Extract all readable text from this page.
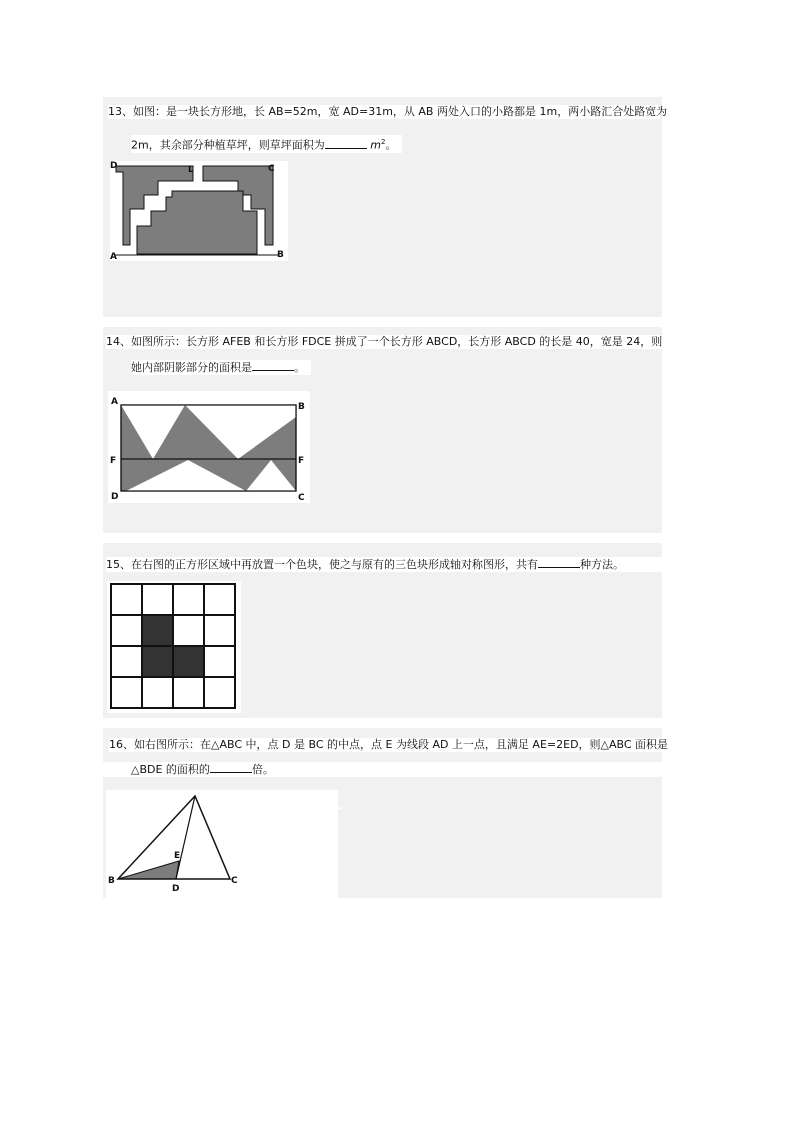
13、如图：是一块长方形地，长 AB=52m，宽 AD=31m，从 AB 两处入口的小路都是 1m，两小路汇合处路宽为
2m，其余部分种植草坪，则草坪面积为	$m^2$。
D	L	C
A	B
14、如图所示：长方形 AFEB 和长方形 FDCE 拼成了一个长方形 ABCD，长方形 ABCD 的长是 40，宽是 24，则
她内部阴影部分的面积是	。
A	B
F	F
D	C
15、在右图的正方形区域中再放置一个色块，使之与原有的三色块形成轴对称图形，共有	种方法。
16、如右图所示：在△ABC 中，点 D 是 BC 的中点，点 E 为线段 AD 上一点，且满足 AE=2ED，则△ABC 面积是
△BDE 的面积的	倍。
E
B
D
C
